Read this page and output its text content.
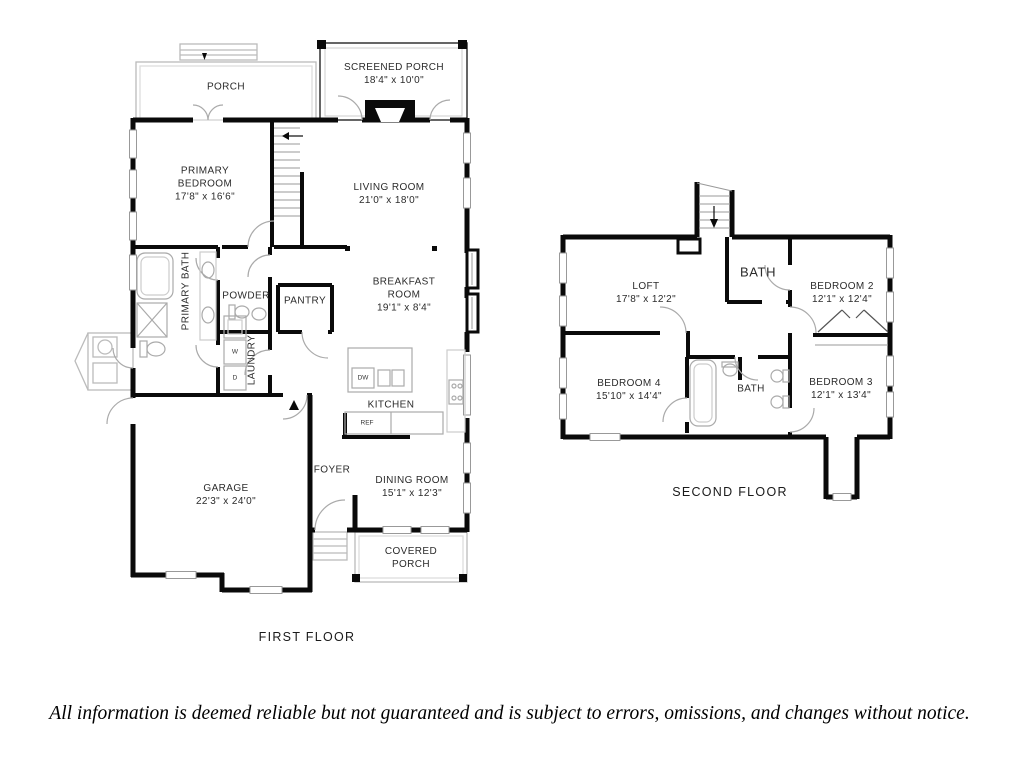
PORCH
SCREENED PORCH
18'4" x 10'0"
PRIMARY BEDROOM
17'8" x 16'6"
LIVING ROOM
21'0" x 18'0"
PRIMARY BATH	POWDER PANTRY
BREAKFAST ROOM
19'1" x 8'4"
LAUNDRY
KITCHEN
GARAGE
22'3" x 24'0"
FOYER
DINING ROOM
15'1" x 12'3"
COVERED PORCH
FIRST FLOOR
DW
REF
W
D
LOFT
17'8" x 12'2"
BATH
BEDROOM 2
12'1" x 12'4"
BEDROOM 4
15'10" x 14'4"
BATH
BEDROOM 3
12'1" x 13'4"
SECOND FLOOR
All information is deemed reliable but not guaranteed and is subject to errors, omissions, and changes without notice.
